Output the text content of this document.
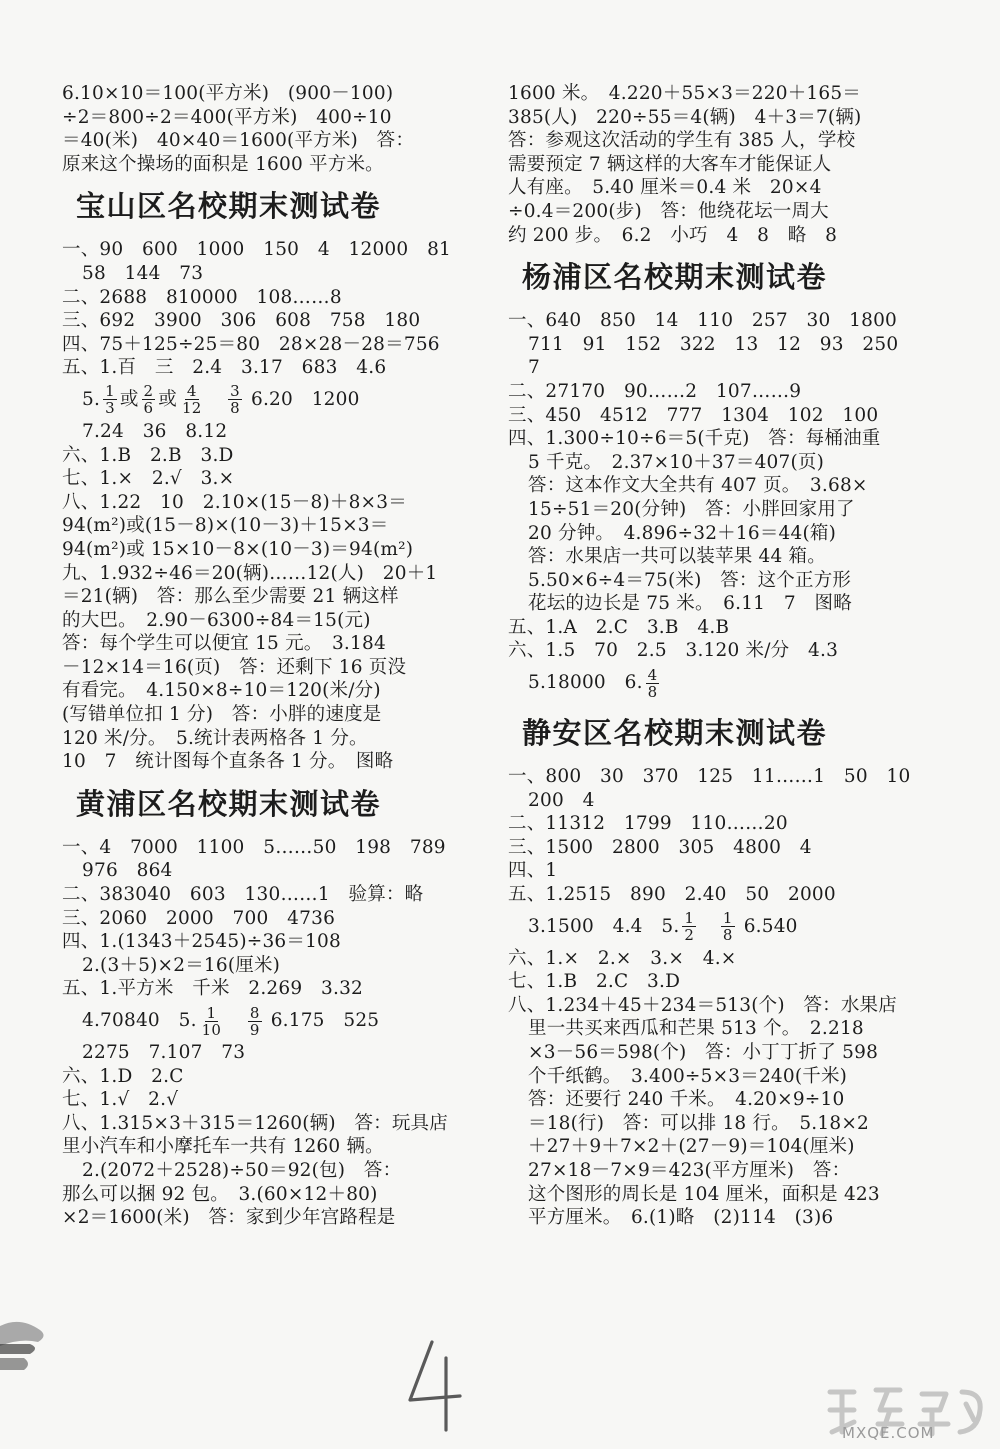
6.10×10＝100(平方米)　(900－100)
÷2＝800÷2＝400(平方米)　400÷10
＝40(米)　40×40＝1600(平方米)　答：
原来这个操场的面积是 1600 平方米。
宝山区名校期末测试卷
一、90　600　1000　150　4　12000　81
58　144　73
二、2688　810000　108……8
三、692　3900　306　608　758　180
四、75＋125÷25＝80　28×28－28＝756
五、1.百　三　2.4　3.17　683　4.6
5. $\frac{1}{3}$ 或 $\frac{2}{6}$ 或 $\frac{4}{12}$
　 $\frac{3}{8} 6.20$　1200
7.24　36　8.12
六、1.B　2.B　3.D
七、1.×　2.√　3.×
八、1.22　10　2.10×(15－8)＋8×3＝
94(m²)或(15－8)×(10－3)＋15×3＝
94(m²)或 15×10－8×(10－3)＝94(m²)
九、1.932÷46＝20(辆)……12(人)　20＋1
＝21(辆)　答：那么至少需要 21 辆这样
的大巴。　2.90－6300÷84＝15(元)
答：每个学生可以便宜 15 元。　3.184
－12×14＝16(页)　答：还剩下 16 页没
有看完。　4.150×8÷10＝120(米/分)
(写错单位扣 1 分)　答：小胖的速度是
120 米/分。　5.统计表两格各 1 分。
10　7　统计图每个直条各 1 分。　图略
黄浦区名校期末测试卷
一、4　7000　1100　5……50　198　789
976　864
二、383040　603　130……1　验算：略
三、2060　2000　700　4736
四、1.(1343＋2545)÷36＝108
2.(3＋5)×2＝16(厘米)
五、1.平方米　千米　2.269　3.32
4.70840　5. $\frac{1}{10}$
　 $\frac{8}{9} 6.175$　525
2275　7.107　73
六、1.D　2.C
七、1.√　2.√
八、1.315×3＋315＝1260(辆)　答：玩具店
里小汽车和小摩托车一共有 1260 辆。
2.(2072＋2528)÷50＝92(包)　答：
那么可以捆 92 包。　3.(60×12＋80)
×2＝1600(米)　答：家到少年宫路程是
1600 米。　4.220＋55×3＝220＋165＝
385(人)　220÷55＝4(辆)　4＋3＝7(辆)
答：参观这次活动的学生有 385 人，学校
需要预定 7 辆这样的大客车才能保证人
人有座。　5.40 厘米＝0.4 米　20×4
÷0.4＝200(步)　答：他绕花坛一周大
约 200 步。　6.2　小巧　4　8　略　8
杨浦区名校期末测试卷
一、640　850　14　110　257　30　1800
711　91　152　322　13　12　93　250
7
二、27170　90……2　107……9
三、450　4512　777　1304　102　100
四、1.300÷10÷6＝5(千克)　答：每桶油重
5 千克。　2.37×10＋37＝407(页)
答：这本作文大全共有 407 页。　3.68×
15÷51＝20(分钟)　答：小胖回家用了
20 分钟。　4.896÷32＋16＝44(箱)
答：水果店一共可以装苹果 44 箱。
5.50×6÷4＝75(米)　答：这个正方形
花坛的边长是 75 米。　6.11　7　图略
五、1.A　2.C　3.B　4.B
六、1.5　70　2.5　3.120 米/分　4.3
5.18000　6. $\frac{4}{8}$
静安区名校期末测试卷
一、800　30　370　125　11……1　50　10
200　4
二、11312　1799　110……20
三、1500　2800　305　4800　4
四、1
五、1.2515　890　2.40　50　2000
3.1500　4.4　5. $\frac{1}{2}$
　 $\frac{1}{8} 6.540$
六、1.×　2.×　3.×　4.×
七、1.B　2.C　3.D
八、1.234＋45＋234＝513(个)　答：水果店
里一共买来西瓜和芒果 513 个。　2.218
×3－56＝598(个)　答：小丁丁折了 598
个千纸鹤。　3.400÷5×3＝240(千米)
答：还要行 240 千米。　4.20×9÷10
＝18(行)　答：可以排 18 行。　5.18×2
＋27＋9＋7×2＋(27－9)＝104(厘米)
27×18－7×9＝423(平方厘米)　答：
这个图形的周长是 104 厘米，面积是 423
平方厘米。　6.(1)略　(2)114　(3)6
MXQE.COM
